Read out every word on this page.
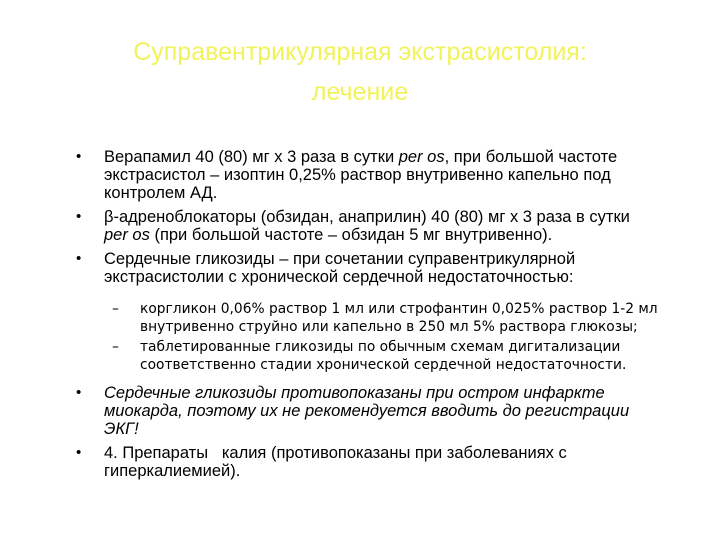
Суправентрикулярная экстрасистолия:
лечение
•
Верапамил 40 (80) мг х 3 раза в сутки per os, при большой частоте
экстрасистол – изоптин 0,25% раствор внутривенно капельно под
контролем АД.
•
β-адреноблокаторы (обзидан, анаприлин) 40 (80) мг х 3 раза в сутки
per os (при большой частоте – обзидан 5 мг внутривенно).
•
Сердечные гликозиды – при сочетании суправентрикулярной
экстрасистолии с хронической сердечной недостаточностью:
–
коргликон 0,06% раствор 1 мл или строфантин 0,025% раствор 1-2 мл
внутривенно струйно или капельно в 250 мл 5% раствора глюкозы;
–
таблетированные гликозиды по обычным схемам дигитализации
соответственно стадии хронической сердечной недостаточности.
•
Сердечные гликозиды противопоказаны при остром инфаркте
миокарда, поэтому их не рекомендуется вводить до регистрации
ЭКГ!
•
4. Препараты   калия (противопоказаны при заболеваниях с
гиперкалиемией).
